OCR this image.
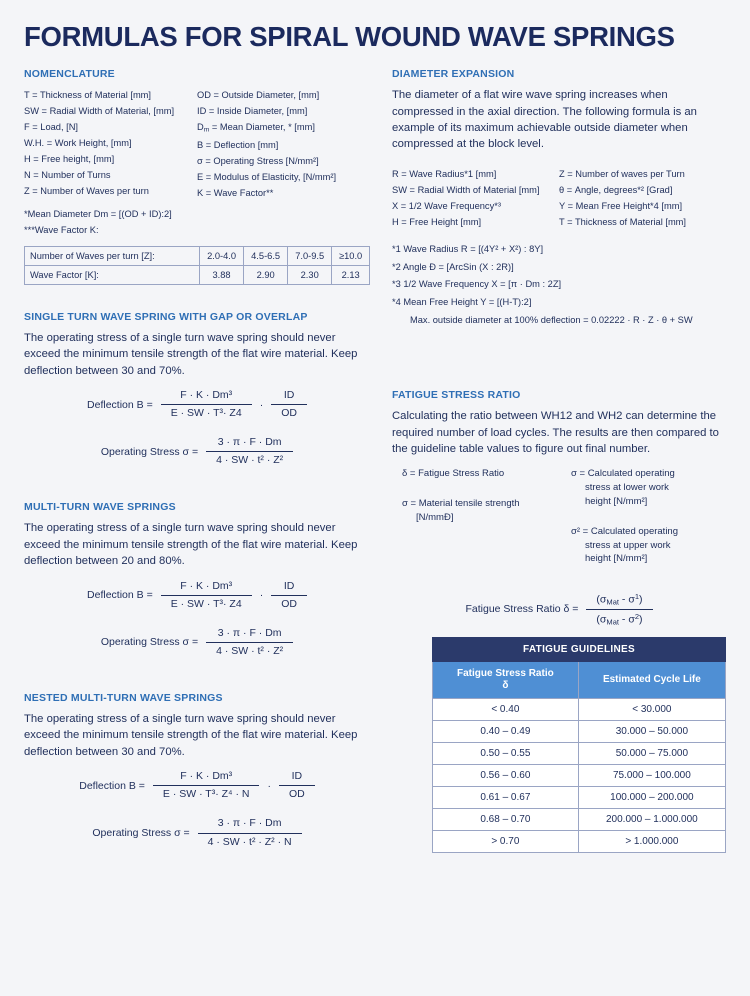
FORMULAS FOR SPIRAL WOUND WAVE SPRINGS
NOMENCLATURE
T = Thickness of Material [mm]
SW = Radial Width of Material, [mm]
F = Load, [N]
W.H. = Work Height, [mm]
H = Free height, [mm]
N = Number of Turns
Z = Number of Waves per turn
OD = Outside Diameter, [mm]
ID = Inside Diameter, [mm]
$D_m$ = Mean Diameter, * [mm]
B = Deflection [mm]
σ = Operating Stress [N/mm²]
E = Modulus of Elasticity, [N/mm²]
K = Wave Factor**
*Mean Diameter Dm = [(OD + ID):2]
***Wave Factor K:
Number of Waves per turn [Z]:	2.0-4.0	4.5-6.5	7.0-9.5	≥10.0
Wave Factor [K]:	3.88	2.90	2.30	2.13
SINGLE TURN WAVE SPRING WITH GAP OR OVERLAP

The operating stress of a single turn wave spring should never exceed the minimum tensile strength of the flat wire material. Keep deflection between 30 and 70%.

Deflection $B = \frac{\text{F · K · Dm³}}{\text{E · SW · T³· Z4}} \cdot \frac{ID}{OD}$
Operating Stress $\sigma = \frac{3 \cdot \pi \cdot F \cdot Dm}{\text{4 · SW · t² · Z²}}$
MULTI-TURN WAVE SPRINGS

The operating stress of a single turn wave spring should never exceed the minimum tensile strength of the flat wire material. Keep deflection between 20 and 80%.

Deflection $B = \frac{\text{F · K · Dm³}}{\text{E · SW · T³· Z4}} \cdot \frac{ID}{OD}$
Operating Stress $\sigma = \frac{3 \cdot \pi \cdot F \cdot Dm}{\text{4 · SW · t² · Z²}}$
NESTED MULTI-TURN WAVE SPRINGS

The operating stress of a single turn wave spring should never exceed the minimum tensile strength of the flat wire material. Keep deflection between 30 and 70%.

Deflection $B = \frac{\text{F · K · Dm³}}{\text{E · SW · T³· Z⁴ · N}} \cdot \frac{ID}{OD}$
Operating Stress $\sigma = \frac{3 \cdot \pi \cdot F \cdot Dm}{\text{4 · SW · t² · Z² · N}}$
DIAMETER EXPANSION

The diameter of a flat wire wave spring increases when compressed in the axial direction. The following formula is an example of its maximum achievable outside diameter when compressed at the block level.

R = Wave Radius*1 [mm]
SW = Radial Width of Material [mm]
X = 1/2 Wave Frequency*³
H = Free Height [mm]
Z = Number of waves per Turn
θ = Angle, degrees*² [Grad]
Y = Mean Free Height*4 [mm]
T = Thickness of Material [mm]
*1 Wave Radius R = [(4Y² + X²) : 8Y]
*2 Angle Ð = [ArcSin (X : 2R)]
*3 1/2 Wave Frequency X = [π · Dm : 2Z]
*4 Mean Free Height Y = [(H-T):2]
Max. outside diameter at 100% deflection = 0.02222 · R · Z · θ + SW
FATIGUE STRESS RATIO

Calculating the ratio between WH12 and WH2 can determine the required number of load cycles. The results are then compared to the guideline table values to figure out final number.

δ = Fatigue Stress Ratio

σ = Material tensile strength
[N/mmÐ]

σ = Calculated operating
stress at lower work
height [N/mm²]

σ² = Calculated operating
stress at upper work
height [N/mm²]

Fatigue Stress Ratio $\delta = \frac{(\sigma_{Mat} - \sigma^1)}{(\sigma_{Mat} - \sigma^2)}$
FATIGUE GUIDELINES	
Fatigue Stress Ratio
δ	Estimated Cycle Life
< 0.40	< 30.000
0.40 – 0.49	30.000 – 50.000
0.50 – 0.55	50.000 – 75.000
0.56 – 0.60	75.000 – 100.000
0.61 – 0.67	100.000 – 200.000
0.68 – 0.70	200.000 – 1.000.000
> 0.70	> 1.000.000
